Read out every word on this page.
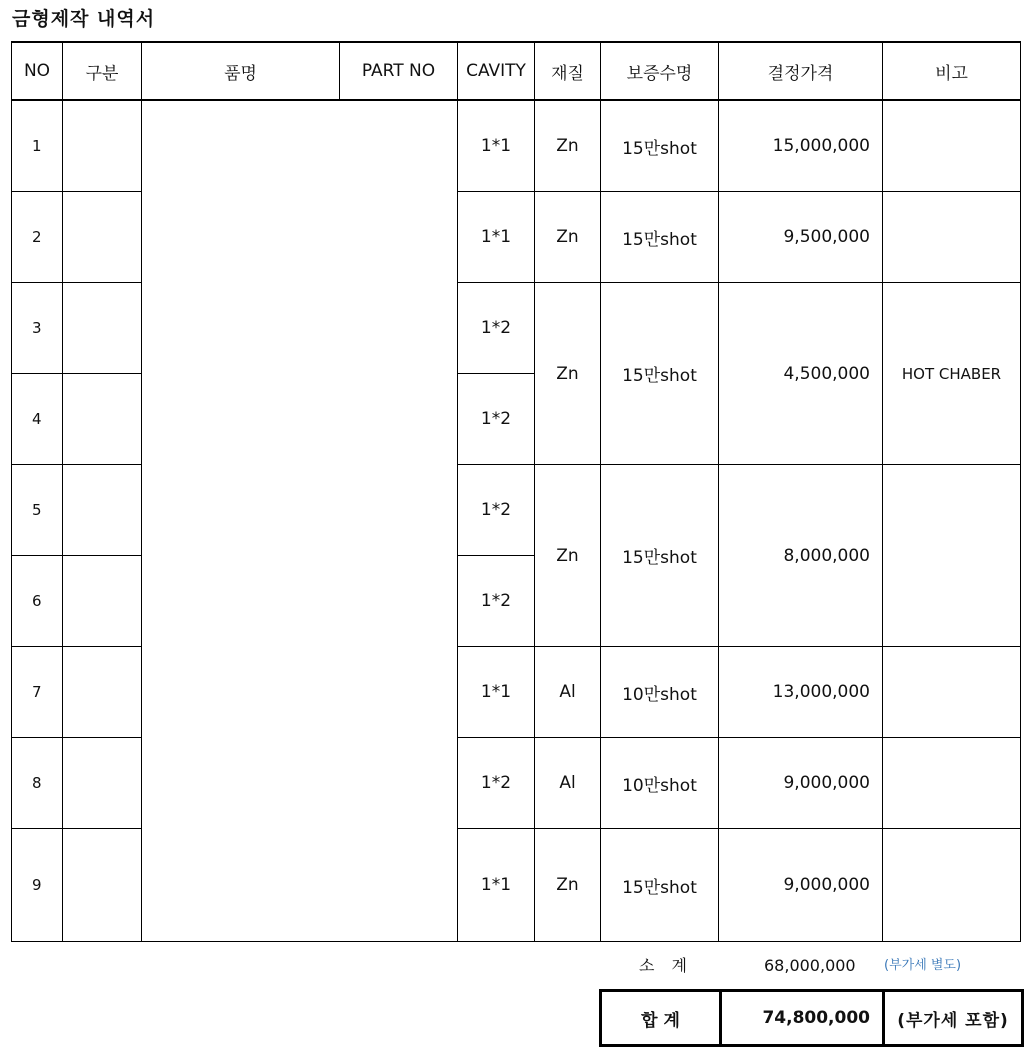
금형제작 내역서
NO	구분	품명	PART NO	CAVITY	재질	보증수명	결정가격	비고
1				1*1	Zn	15만shot	15,000,000	
2				1*1	Zn	15만shot	9,500,000	
3				1*2	Zn	15만shot	4,500,000	HOT CHABER
4				1*2				
5				1*2	Zn	15만shot	8,000,000	
6				1*2				
7				1*1	Al	10만shot	13,000,000	
8				1*2	Al	10만shot	9,000,000	
9				1*1	Zn	15만shot	9,000,000	
소 계	68,000,000 (부가세 별도)
합 계	74,800,000	(부가세 포함)
